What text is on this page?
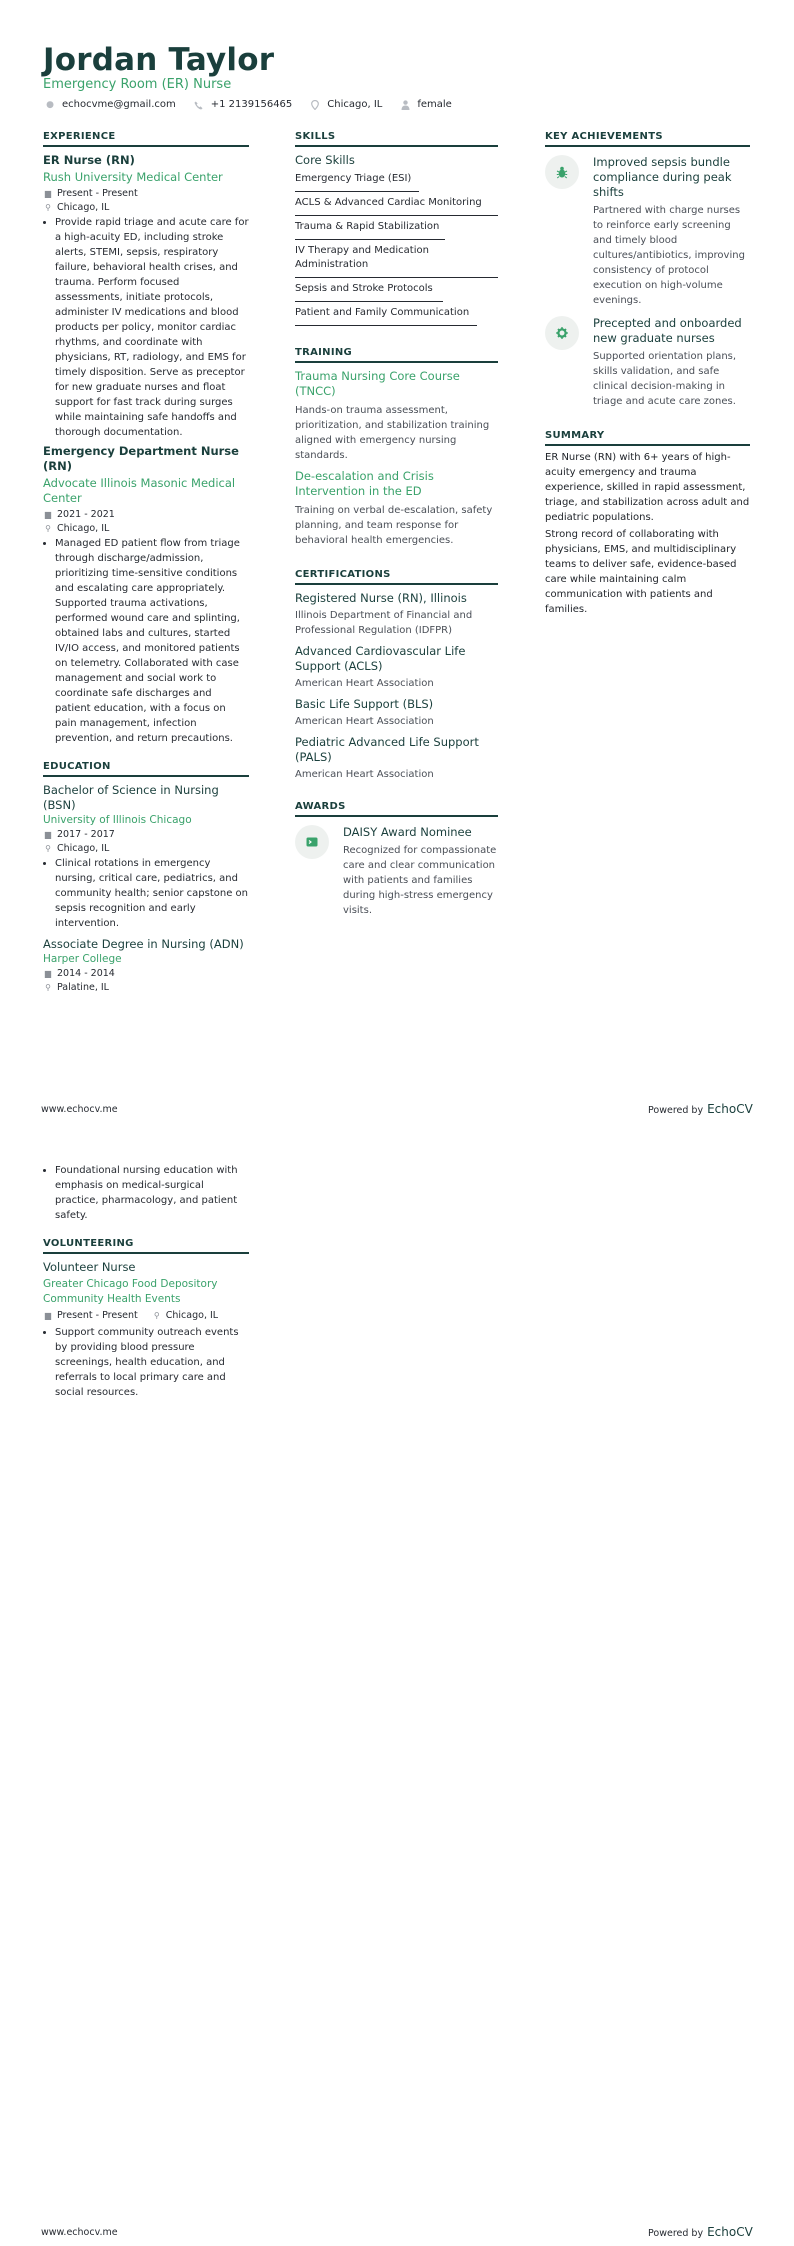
Jordan Taylor
Emergency Room (ER) Nurse
● echocvme@gmail.com	+1 2139156465	Chicago, IL	female
EXPERIENCE
ER Nurse (RN)
Rush University Medical Center
▆ Present - Present
⚲ Chicago, IL
• Provide rapid triage and acute care for a high-acuity ED, including stroke alerts, STEMI, sepsis, respiratory failure, behavioral health crises, and trauma. Perform focused assessments, initiate protocols, administer IV medications and blood products per policy, monitor cardiac rhythms, and coordinate with physicians, RT, radiology, and EMS for timely disposition. Serve as preceptor for new graduate nurses and float support for fast track during surges while maintaining safe handoffs and thorough documentation.
Emergency Department Nurse (RN)
Advocate Illinois Masonic Medical Center
▆ 2021 - 2021
⚲ Chicago, IL
• Managed ED patient flow from triage through discharge/admission, prioritizing time-sensitive conditions and escalating care appropriately. Supported trauma activations, performed wound care and splinting, obtained labs and cultures, started IV/IO access, and monitored patients on telemetry. Collaborated with case management and social work to coordinate safe discharges and patient education, with a focus on pain management, infection prevention, and return precautions.
EDUCATION
Bachelor of Science in Nursing (BSN)
University of Illinois Chicago
▆ 2017 - 2017
⚲ Chicago, IL
• Clinical rotations in emergency nursing, critical care, pediatrics, and community health; senior capstone on sepsis recognition and early intervention.
Associate Degree in Nursing (ADN)
Harper College
▆ 2014 - 2014
⚲ Palatine, IL
SKILLS
Core Skills
Emergency Triage (ESI)
ACLS & Advanced Cardiac Monitoring
Trauma & Rapid Stabilization
IV Therapy and Medication Administration
Sepsis and Stroke Protocols
Patient and Family Communication
TRAINING
Trauma Nursing Core Course (TNCC)
Hands-on trauma assessment, prioritization, and stabilization training aligned with emergency nursing standards.
De-escalation and Crisis Intervention in the ED
Training on verbal de-escalation, safety planning, and team response for behavioral health emergencies.
CERTIFICATIONS
Registered Nurse (RN), Illinois
Illinois Department of Financial and Professional Regulation (IDFPR)
Advanced Cardiovascular Life Support (ACLS)
American Heart Association
Basic Life Support (BLS)
American Heart Association
Pediatric Advanced Life Support (PALS)
American Heart Association
AWARDS
DAISY Award Nominee
Recognized for compassionate care and clear communication with patients and families during high-stress emergency visits.
KEY ACHIEVEMENTS
Improved sepsis bundle compliance during peak shifts
Partnered with charge nurses to reinforce early screening and timely blood cultures/antibiotics, improving consistency of protocol execution on high-volume evenings.
Precepted and onboarded new graduate nurses
Supported orientation plans, skills validation, and safe clinical decision-making in triage and acute care zones.
SUMMARY
ER Nurse (RN) with 6+ years of high-acuity emergency and trauma experience, skilled in rapid assessment, triage, and stabilization across adult and pediatric populations.
Strong record of collaborating with physicians, EMS, and multidisciplinary teams to deliver safe, evidence-based care while maintaining calm communication with patients and families.
www.echocv.me	Powered by EchoCV
• Foundational nursing education with emphasis on medical-surgical practice, pharmacology, and patient safety.
VOLUNTEERING
Volunteer Nurse
Greater Chicago Food Depository Community Health Events
▆ Present - Present ⚲ Chicago, IL
• Support community outreach events by providing blood pressure screenings, health education, and referrals to local primary care and social resources.
www.echocv.me	Powered by EchoCV
